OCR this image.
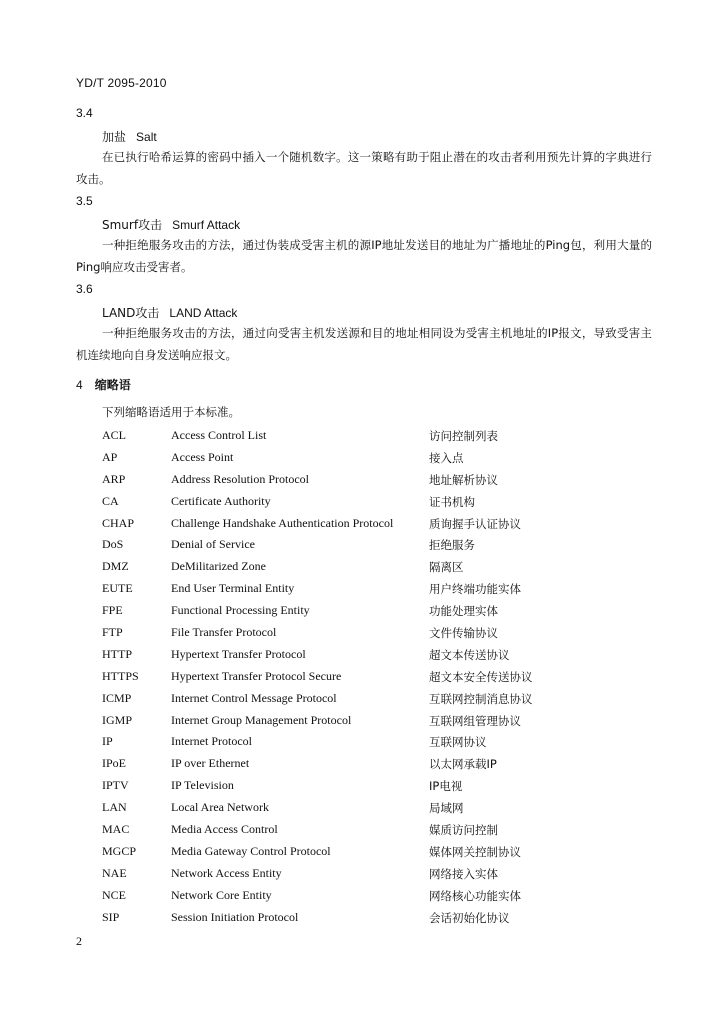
YD/T 2095-2010
3.4
加盐 Salt
在已执行哈希运算的密码中插入一个随机数字。这一策略有助于阻止潜在的攻击者利用预先计算的字典进行攻击。
3.5
Smurf攻击 Smurf Attack
一种拒绝服务攻击的方法，通过伪装成受害主机的源IP地址发送目的地址为广播地址的Ping包，利用大量的Ping响应攻击受害者。
3.6
LAND攻击 LAND Attack
一种拒绝服务攻击的方法，通过向受害主机发送源和目的地址相同设为受害主机地址的IP报文，导致受害主机连续地向自身发送响应报文。
4 缩略语
下列缩略语适用于本标准。
ACL	Access Control List	访问控制列表
AP	Access Point	接入点
ARP	Address Resolution Protocol	地址解析协议
CA	Certificate Authority	证书机构
CHAP	Challenge Handshake Authentication Protocol	质询握手认证协议
DoS	Denial of Service	拒绝服务
DMZ	DeMilitarized Zone	隔离区
EUTE	End User Terminal Entity	用户终端功能实体
FPE	Functional Processing Entity	功能处理实体
FTP	File Transfer Protocol	文件传输协议
HTTP	Hypertext Transfer Protocol	超文本传送协议
HTTPS	Hypertext Transfer Protocol Secure	超文本安全传送协议
ICMP	Internet Control Message Protocol	互联网控制消息协议
IGMP	Internet Group Management Protocol	互联网组管理协议
IP	Internet Protocol	互联网协议
IPoE	IP over Ethernet	以太网承载IP
IPTV	IP Television	IP电视
LAN	Local Area Network	局域网
MAC	Media Access Control	媒质访问控制
MGCP	Media Gateway Control Protocol	媒体网关控制协议
NAE	Network Access Entity	网络接入实体
NCE	Network Core Entity	网络核心功能实体
SIP	Session Initiation Protocol	会话初始化协议
2
